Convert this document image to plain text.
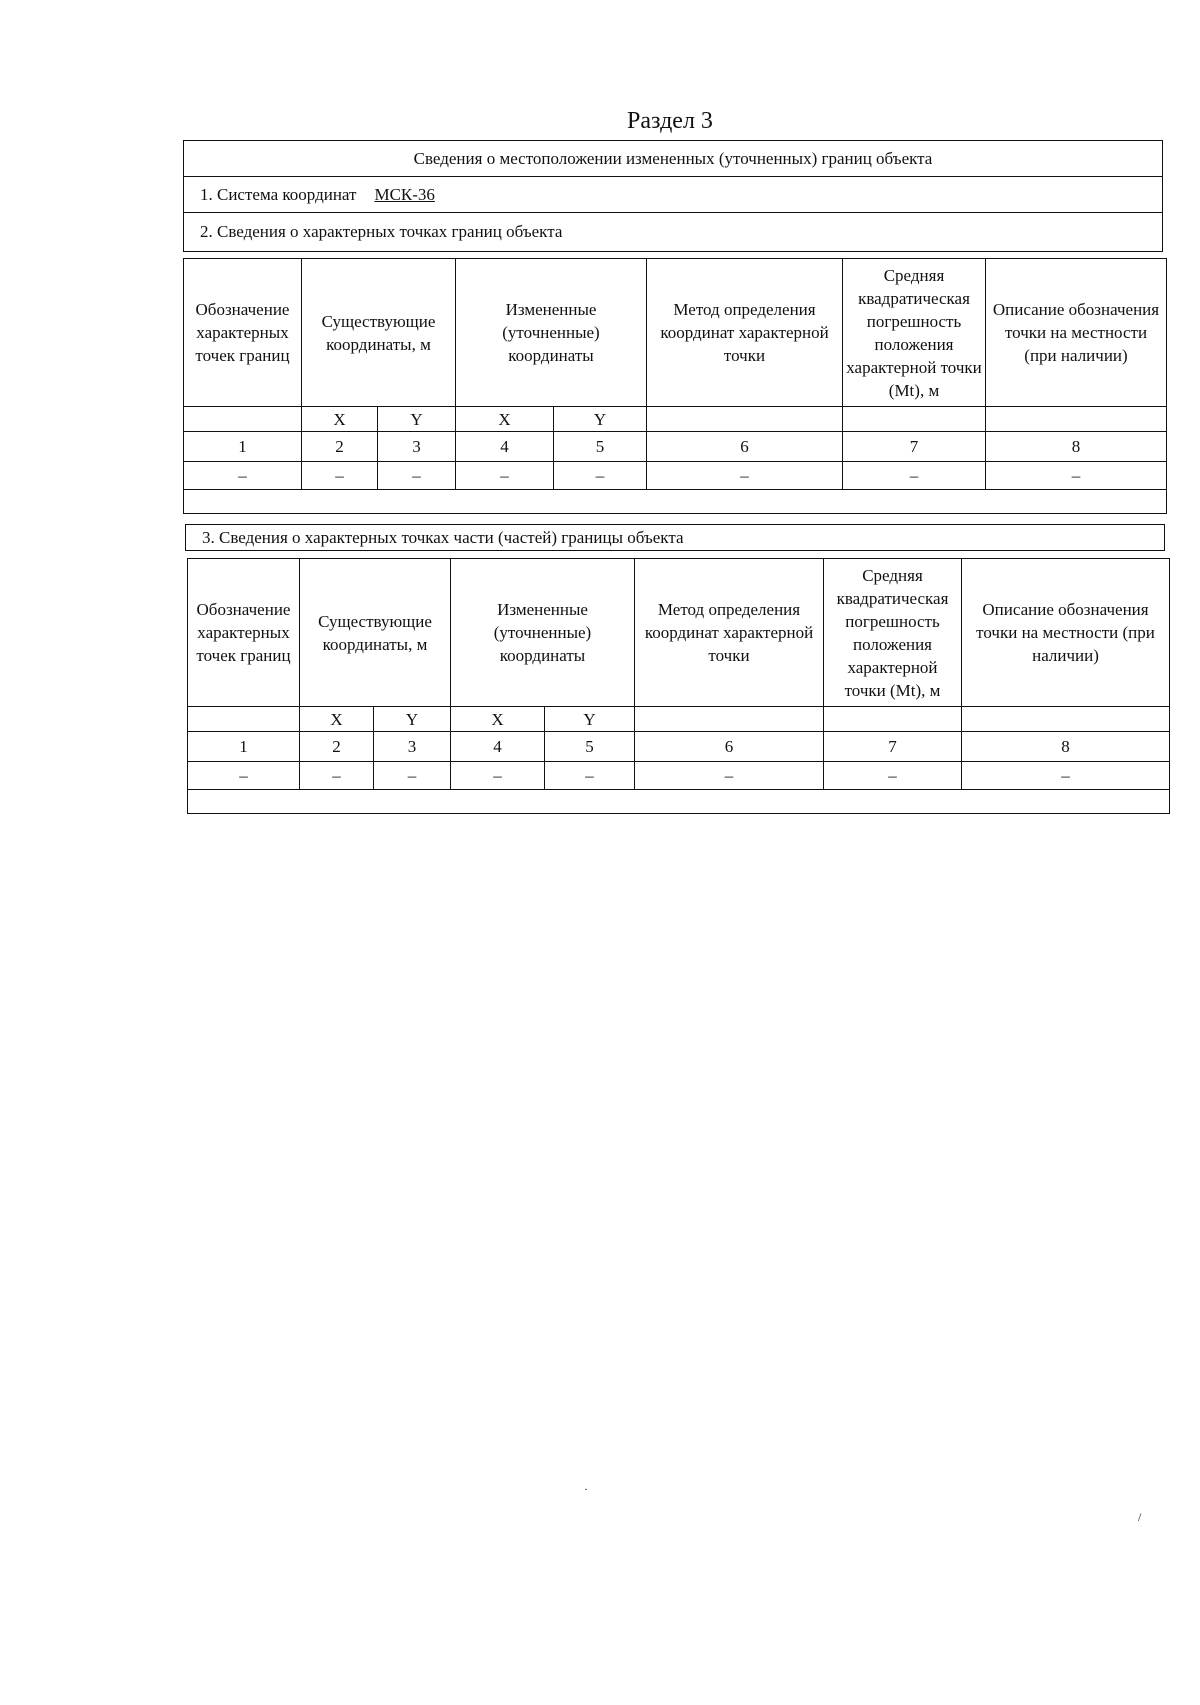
Раздел 3
Сведения о местоположении измененных (уточненных) границ объекта
1. Система координат МСК-36
2. Сведения о характерных точках границ объекта
Обозначение характерных точек границ	Существующие координаты, м		Измененные (уточненные) координаты		Метод определения координат характерной точки	Средняя квадратическая погрешность положения характерной точки (Mt), м	Описание обозначения точки на местности (при наличии)
	X	Y	X	Y			
1	2	3	4	5	6	7	8
–	–	–	–	–	–	–	–

3. Сведения о характерных точках части (частей) границы объекта
Обозначение характерных точек границ	Существующие координаты, м		Измененные (уточненные) координаты		Метод определения координат характерной точки	Средняя квадратическая погрешность положения характерной точки (Mt), м	Описание обозначения точки на местности (при наличии)
	X	Y	X	Y			
1	2	3	4	5	6	7	8
–	–	–	–	–	–	–	–

·
/
